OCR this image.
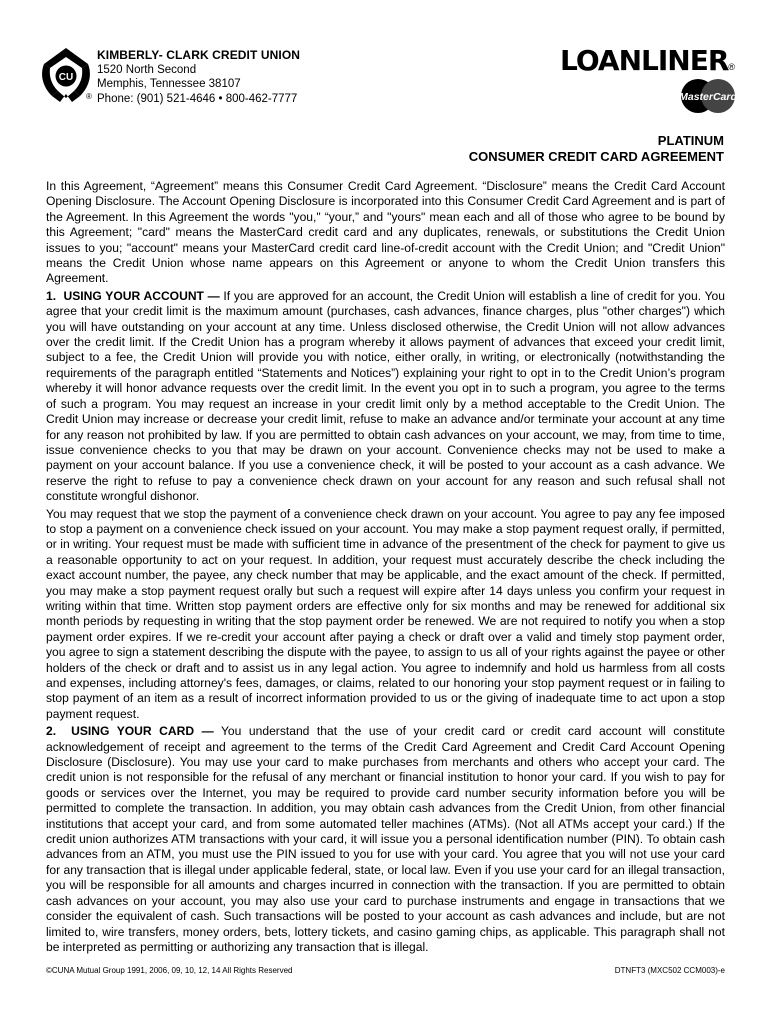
CU
®
KIMBERLY- CLARK CREDIT UNION
1520 North Second
Memphis, Tennessee 38107
Phone: (901) 521-4646 • 800-462-7777
LOANLINER®
MasterCard
PLATINUM
CONSUMER CREDIT CARD AGREEMENT

In this Agreement, “Agreement” means this Consumer Credit Card Agreement. “Disclosure” means the Credit Card Account Opening Disclosure. The Account Opening Disclosure is incorporated into this Consumer Credit Card Agreement and is part of the Agreement. In this Agreement the words "you," “your,” and "yours" mean each and all of those who agree to be bound by this Agreement; "card" means the MasterCard credit card and any duplicates, renewals, or substitutions the Credit Union issues to you; "account" means your MasterCard credit card line-of-credit account with the Credit Union; and "Credit Union" means the Credit Union whose name appears on this Agreement or anyone to whom the Credit Union transfers this Agreement.

1. USING YOUR ACCOUNT — If you are approved for an account, the Credit Union will establish a line of credit for you. You agree that your credit limit is the maximum amount (purchases, cash advances, finance charges, plus "other charges") which you will have outstanding on your account at any time. Unless disclosed otherwise, the Credit Union will not allow advances over the credit limit. If the Credit Union has a program whereby it allows payment of advances that exceed your credit limit, subject to a fee, the Credit Union will provide you with notice, either orally, in writing, or electronically (notwithstanding the requirements of the paragraph entitled “Statements and Notices”) explaining your right to opt in to the Credit Union’s program whereby it will honor advance requests over the credit limit. In the event you opt in to such a program, you agree to the terms of such a program. You may request an increase in your credit limit only by a method acceptable to the Credit Union. The Credit Union may increase or decrease your credit limit, refuse to make an advance and/or terminate your account at any time for any reason not prohibited by law. If you are permitted to obtain cash advances on your account, we may, from time to time, issue convenience checks to you that may be drawn on your account. Convenience checks may not be used to make a payment on your account balance. If you use a convenience check, it will be posted to your account as a cash advance. We reserve the right to refuse to pay a convenience check drawn on your account for any reason and such refusal shall not constitute wrongful dishonor.

You may request that we stop the payment of a convenience check drawn on your account. You agree to pay any fee imposed to stop a payment on a convenience check issued on your account. You may make a stop payment request orally, if permitted, or in writing. Your request must be made with sufficient time in advance of the presentment of the check for payment to give us a reasonable opportunity to act on your request. In addition, your request must accurately describe the check including the exact account number, the payee, any check number that may be applicable, and the exact amount of the check. If permitted, you may make a stop payment request orally but such a request will expire after 14 days unless you confirm your request in writing within that time. Written stop payment orders are effective only for six months and may be renewed for additional six month periods by requesting in writing that the stop payment order be renewed. We are not required to notify you when a stop payment order expires. If we re-credit your account after paying a check or draft over a valid and timely stop payment order, you agree to sign a statement describing the dispute with the payee, to assign to us all of your rights against the payee or other holders of the check or draft and to assist us in any legal action. You agree to indemnify and hold us harmless from all costs and expenses, including attorney's fees, damages, or claims, related to our honoring your stop payment request or in failing to stop payment of an item as a result of incorrect information provided to us or the giving of inadequate time to act upon a stop payment request.

2. USING YOUR CARD — You understand that the use of your credit card or credit card account will constitute acknowledgement of receipt and agreement to the terms of the Credit Card Agreement and Credit Card Account Opening Disclosure (Disclosure). You may use your card to make purchases from merchants and others who accept your card. The credit union is not responsible for the refusal of any merchant or financial institution to honor your card. If you wish to pay for goods or services over the Internet, you may be required to provide card number security information before you will be permitted to complete the transaction. In addition, you may obtain cash advances from the Credit Union, from other financial institutions that accept your card, and from some automated teller machines (ATMs). (Not all ATMs accept your card.) If the credit union authorizes ATM transactions with your card, it will issue you a personal identification number (PIN). To obtain cash advances from an ATM, you must use the PIN issued to you for use with your card. You agree that you will not use your card for any transaction that is illegal under applicable federal, state, or local law. Even if you use your card for an illegal transaction, you will be responsible for all amounts and charges incurred in connection with the transaction. If you are permitted to obtain cash advances on your account, you may also use your card to purchase instruments and engage in transactions that we consider the equivalent of cash. Such transactions will be posted to your account as cash advances and include, but are not limited to, wire transfers, money orders, bets, lottery tickets, and casino gaming chips, as applicable. This paragraph shall not be interpreted as permitting or authorizing any transaction that is illegal.

©CUNA Mutual Group 1991, 2006, 09, 10, 12, 14 All Rights Reserved	DTNFT3 (MXC502 CCM003)-e
